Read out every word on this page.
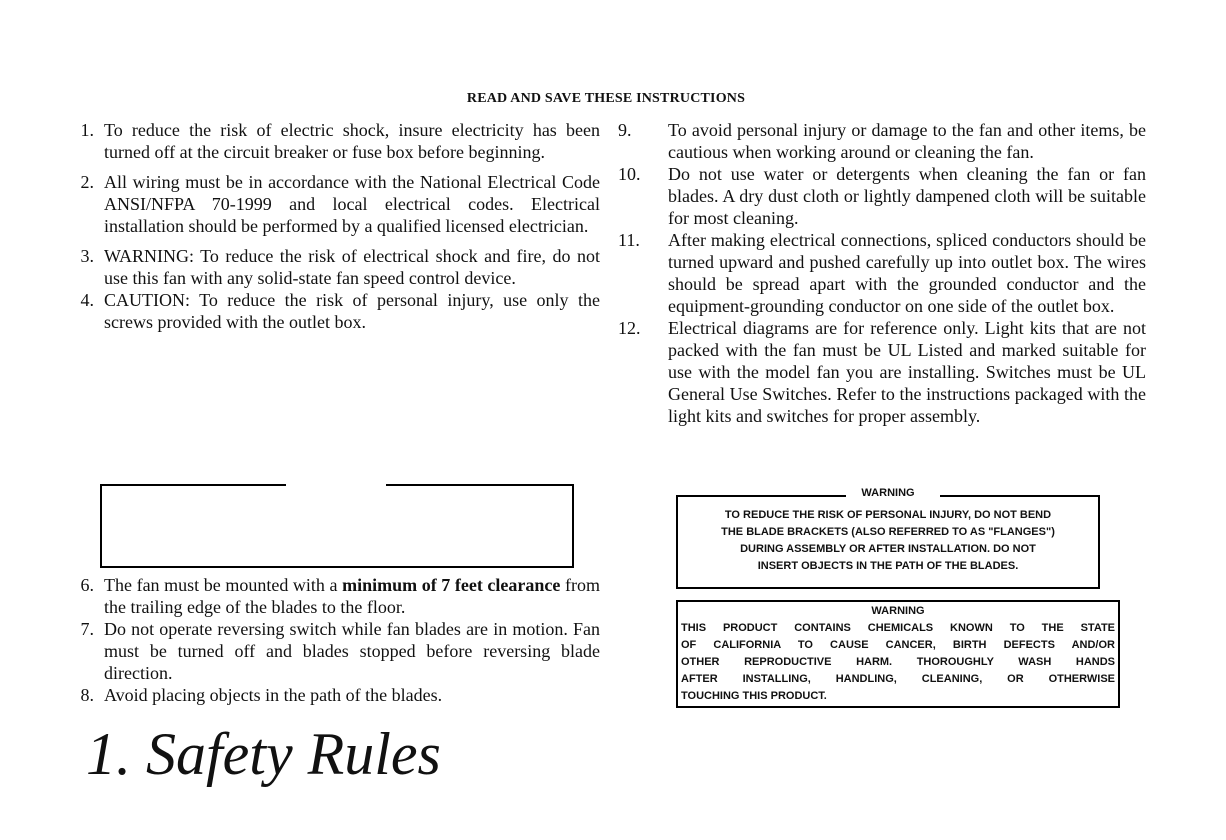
READ AND SAVE THESE INSTRUCTIONS
1. To reduce the risk of electric shock, insure electricity has been turned off at the circuit breaker or fuse box before beginning.
2. All wiring must be in accordance with the National Electrical Code ANSI/NFPA 70-1999 and local electrical codes. Electrical installation should be performed by a qualified licensed electrician.
3. WARNING: To reduce the risk of electrical shock and fire, do not use this fan with any solid-state fan speed control device.
4. CAUTION: To reduce the risk of personal injury, use only the screws provided with the outlet box.
6. The fan must be mounted with a minimum of 7 feet clearance from the trailing edge of the blades to the floor.
7. Do not operate reversing switch while fan blades are in motion. Fan must be turned off and blades stopped before reversing blade direction.
8. Avoid placing objects in the path of the blades.
9.	To avoid personal injury or damage to the fan and other items, be cautious when working around or cleaning the fan.
10.	Do not use water or detergents when cleaning the fan or fan blades. A dry dust cloth or lightly dampened cloth will be suitable for most cleaning.
11.	After making electrical connections, spliced conductors should be turned upward and pushed carefully up into outlet box. The wires should be spread apart with the grounded conductor and the equipment-grounding conductor on one side of the outlet box.
12.	Electrical diagrams are for reference only. Light kits that are not packed with the fan must be UL Listed and marked suitable for use with the model fan you are installing. Switches must be UL General Use Switches. Refer to the instructions packaged with the light kits and switches for proper assembly.
WARNING
TO REDUCE THE RISK OF PERSONAL INJURY, DO NOT BEND
THE BLADE BRACKETS (ALSO REFERRED TO AS "FLANGES")
DURING ASSEMBLY OR AFTER INSTALLATION. DO NOT
INSERT OBJECTS IN THE PATH OF THE BLADES.
WARNING
THIS PRODUCT CONTAINS CHEMICALS KNOWN TO THE STATE
OF CALIFORNIA TO CAUSE CANCER, BIRTH DEFECTS AND/OR
OTHER REPRODUCTIVE HARM. THOROUGHLY WASH HANDS
AFTER INSTALLING, HANDLING, CLEANING, OR OTHERWISE
TOUCHING THIS PRODUCT.
1. Safety Rules
